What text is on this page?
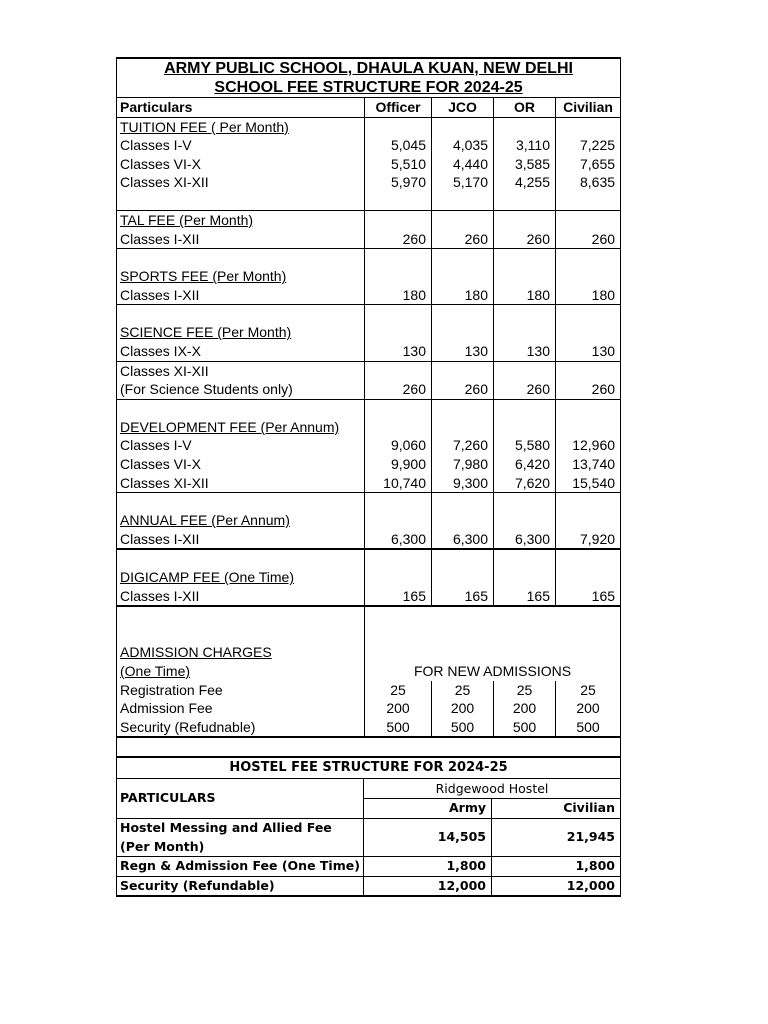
ARMY PUBLIC SCHOOL, DHAULA KUAN, NEW DELHI				
SCHOOL FEE STRUCTURE FOR 2024-25				
Particulars	Officer	JCO	OR	Civilian
TUITION FEE ( Per Month)				
Classes I-V	5,045	4,035	3,110	7,225
Classes VI-X	5,510	4,440	3,585	7,655
Classes XI-XII	5,970	5,170	4,255	8,635

TAL FEE (Per Month)				
Classes I-XII	260	260	260	260

SPORTS FEE (Per Month)				
Classes I-XII	180	180	180	180

SCIENCE FEE (Per Month)				
Classes IX-X	130	130	130	130
Classes XI-XII				
(For Science Students only)	260	260	260	260

DEVELOPMENT FEE (Per Annum)				
Classes I-V	9,060	7,260	5,580	12,960
Classes VI-X	9,900	7,980	6,420	13,740
Classes XI-XII	10,740	9,300	7,620	15,540

ANNUAL FEE (Per Annum)				
Classes I-XII	6,300	6,300	6,300	7,920

DIGICAMP FEE (One Time)				
Classes I-XII	165	165	165	165

ADMISSION CHARGES				
(One Time)	FOR NEW ADMISSIONS			
Registration Fee	25	25	25	25
Admission Fee	200	200	200	200
Security (Refudnable)	500	500	500	500

HOSTEL FEE STRUCTURE FOR 2024-25		
PARTICULARS	Ridgewood Hostel	
	Army	Civilian
Hostel Messing and Allied Fee	14,505	21,945
(Per Month)		
Regn & Admission Fee (One Time)	1,800	1,800
Security (Refundable)	12,000	12,000
